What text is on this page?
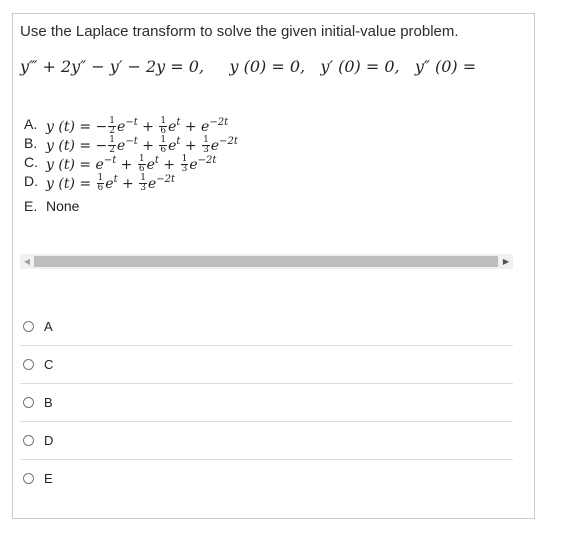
Use the Laplace transform to solve the given initial-value problem.
y‴ + 2y″ − y′ − 2y = 0,     y (0) = 0,   y′ (0) = 0,   y″ (0) =
A. y (t) = − $\frac{1}{2} e^{-t} + \frac{1}{6} e^t + e^{-2t}$
B. y (t) = − $\frac{1}{2} e^{-t} + \frac{1}{6} e^t + \frac{1}{3} e^{-2t}$
C. y $(t) = e^{-t} + \frac{1}{6} e^t + \frac{1}{3} e^{-2t}$
D. y $(t) = \frac{1}{6} e^t + \frac{1}{3} e^{-2t}$
E. None
◀	▶
A
C
B
D
E
